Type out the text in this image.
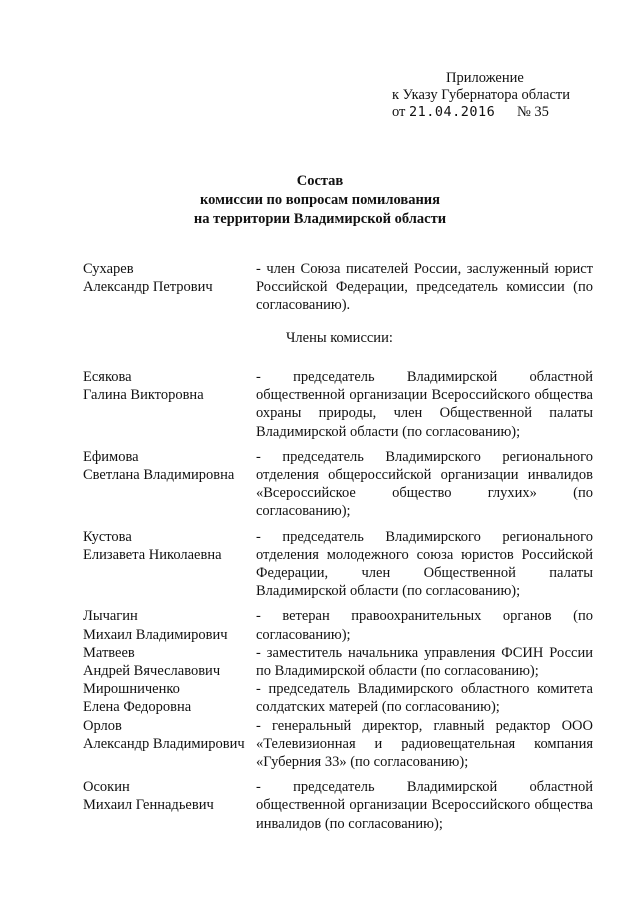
Приложение
к Указу Губернатора области
от 21.04.2016 № 35
Состав
комиссии по вопросам помилования
на территории Владимирской области
Сухарев
Александр Петрович
- член Союза писателей России, заслуженный юрист Российской Федерации, председатель комиссии (по согласованию).
Члены комиссии:
Есякова
Галина Викторовна
- председатель Владимирской областной общественной организации Всероссийского общества охраны природы, член Общественной палаты Владимирской области (по согласованию);
Ефимова
Светлана Владимировна
- председатель Владимирского регионального отделения общероссийской организации инвалидов «Всероссийское общество глухих» (по согласованию);
Кустова
Елизавета Николаевна
- председатель Владимирского регионального отделения молодежного союза юристов Российской Федерации, член Общественной палаты Владимирской области (по согласованию);
Лычагин
Михаил Владимирович
- ветеран правоохранительных органов (по согласованию);
Матвеев
Андрей Вячеславович
- заместитель начальника управления ФСИН России по Владимирской области (по согласованию);
Мирошниченко
Елена Федоровна
- председатель Владимирского областного комитета солдатских матерей (по согласованию);
Орлов
Александр Владимирович
- генеральный директор, главный редактор ООО «Телевизионная и радиовещательная компания «Губерния 33» (по согласованию);
Осокин
Михаил Геннадьевич
- председатель Владимирской областной общественной организации Всероссийского общества инвалидов (по согласованию);
